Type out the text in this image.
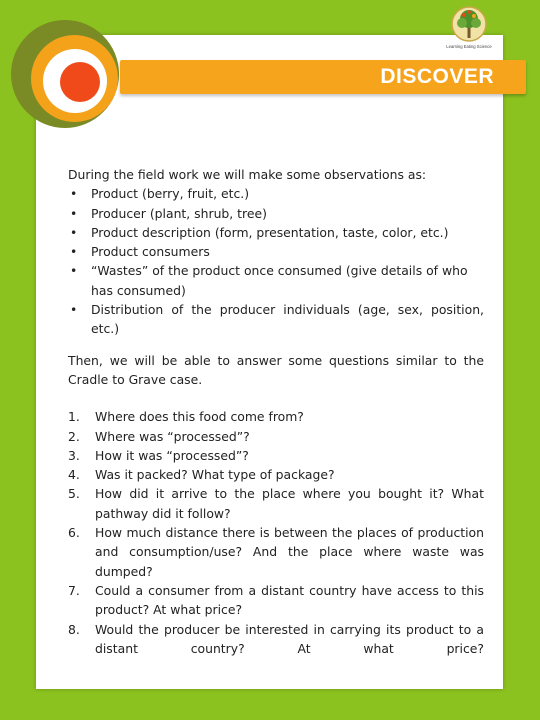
Learning Eating Science
DISCOVER

During the field work we will make some observations as:

• Product (berry, fruit, etc.)
• Producer (plant, shrub, tree)
• Product description (form, presentation, taste, color, etc.)
• Product consumers
• “Wastes” of the product once consumed (give details of who has consumed)
• Distribution of the producer individuals (age, sex, position, etc.)

Then, we will be able to answer some questions similar to the Cradle to Grave case.

1. Where does this food come from?
2. Where was “processed”?
3. How it was “processed”?
4. Was it packed? What type of package?
5. How did it arrive to the place where you bought it? What pathway did it follow?
6. How much distance there is between the places of production and consumption/use? And the place where waste was dumped?
7. Could a consumer from a distant country have access to this product? At what price?
8. Would the producer be interested in carrying its product to a distant country? At what price?
